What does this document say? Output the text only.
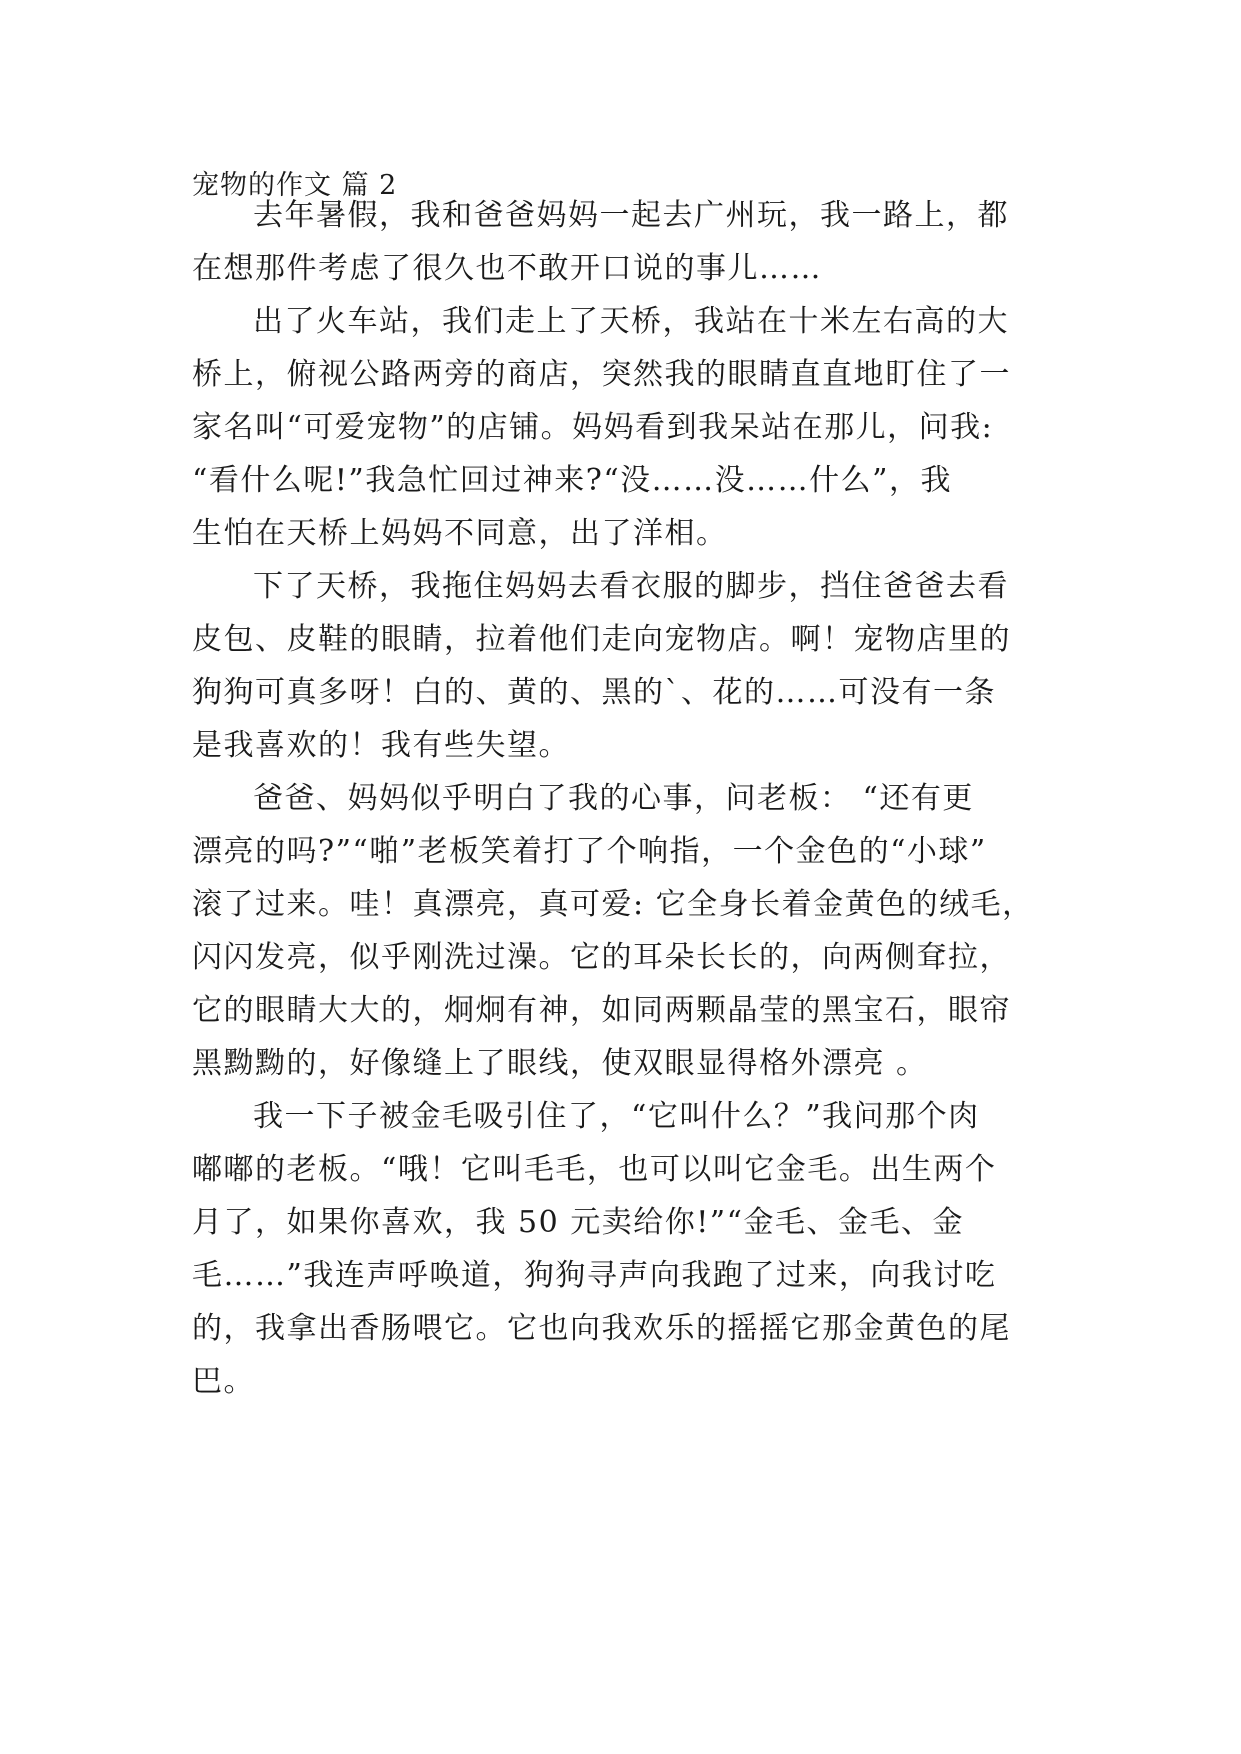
宠物的作文 篇 2
去年暑假，我和爸爸妈妈一起去广州玩，我一路上，都
在想那件考虑了很久也不敢开口说的事儿……
出了火车站，我们走上了天桥，我站在十米左右高的大
桥上，俯视公路两旁的商店，突然我的眼睛直直地盯住了一
家名叫“可爱宠物”的店铺。妈妈看到我呆站在那儿，问我:
“看什么呢!”我急忙回过神来?“没……没……什么”，我
生怕在天桥上妈妈不同意，出了洋相。
下了天桥，我拖住妈妈去看衣服的脚步，挡住爸爸去看
皮包、皮鞋的眼睛，拉着他们走向宠物店。啊！宠物店里的
狗狗可真多呀！白的、黄的、黑的`、花的……可没有一条
是我喜欢的！我有些失望。
爸爸、妈妈似乎明白了我的心事，问老板： “还有更
漂亮的吗?”“啪”老板笑着打了个响指，一个金色的“小球”
滚了过来。哇！真漂亮，真可爱: 它全身长着金黄色的绒毛，
闪闪发亮，似乎刚洗过澡。它的耳朵长长的，向两侧耷拉，
它的眼睛大大的，炯炯有神，如同两颗晶莹的黑宝石，眼帘
黑黝黝的，好像缝上了眼线，使双眼显得格外漂亮 。
我一下子被金毛吸引住了，“它叫什么？”我问那个肉
嘟嘟的老板。“哦！它叫毛毛，也可以叫它金毛。出生两个
月了，如果你喜欢，我 50 元卖给你!”“金毛、金毛、金
毛……”我连声呼唤道，狗狗寻声向我跑了过来，向我讨吃
的，我拿出香肠喂它。它也向我欢乐的摇摇它那金黄色的尾
巴。
